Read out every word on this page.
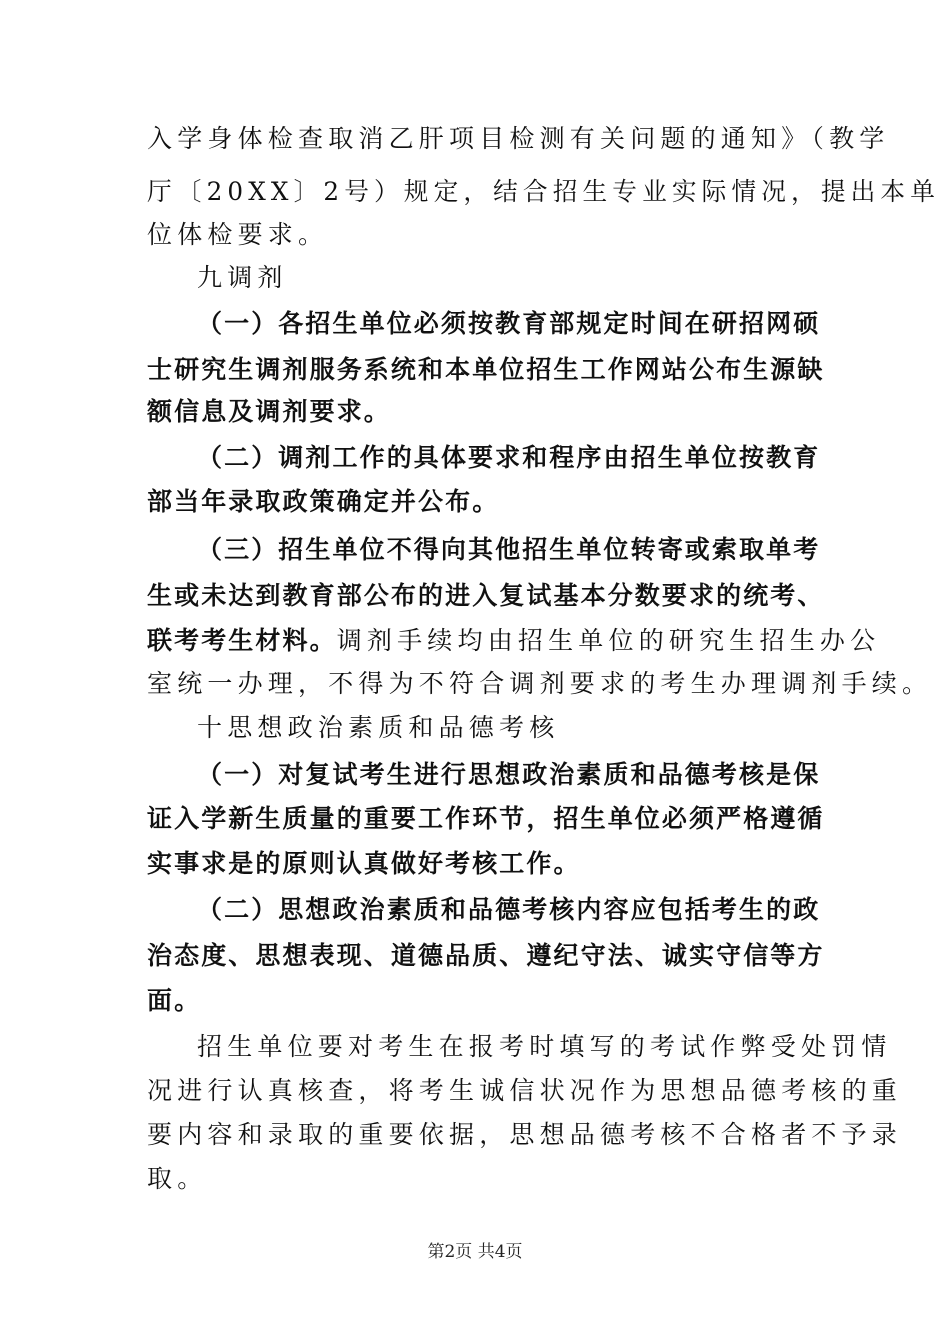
入学身体检查取消乙肝项目检测有关问题的通知》（教学
厅〔20XX〕2号）规定，结合招生专业实际情况，提出本单
位体检要求。
九调剂
（一）各招生单位必须按教育部规定时间在研招网硕
士研究生调剂服务系统和本单位招生工作网站公布生源缺
额信息及调剂要求。
（二）调剂工作的具体要求和程序由招生单位按教育
部当年录取政策确定并公布。
（三）招生单位不得向其他招生单位转寄或索取单考
生或未达到教育部公布的进入复试基本分数要求的统考、
联考考生材料。调剂手续均由招生单位的研究生招生办公
室统一办理，不得为不符合调剂要求的考生办理调剂手续。
十思想政治素质和品德考核
（一）对复试考生进行思想政治素质和品德考核是保
证入学新生质量的重要工作环节，招生单位必须严格遵循
实事求是的原则认真做好考核工作。
（二）思想政治素质和品德考核内容应包括考生的政
治态度、思想表现、道德品质、遵纪守法、诚实守信等方
面。
招生单位要对考生在报考时填写的考试作弊受处罚情
况进行认真核查，将考生诚信状况作为思想品德考核的重
要内容和录取的重要依据，思想品德考核不合格者不予录
取。
第2页 共4页
